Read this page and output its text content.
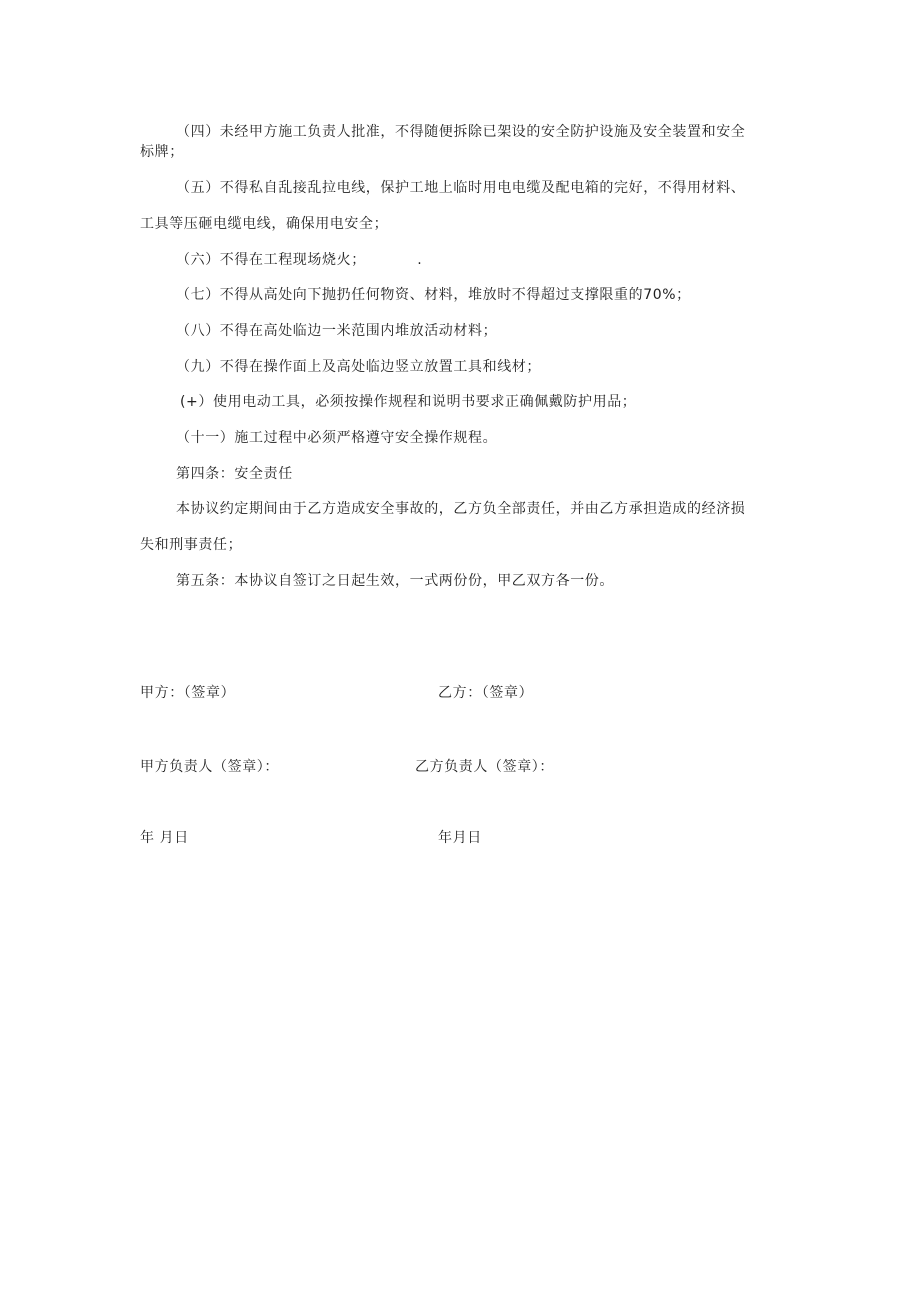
（四）未经甲方施工负责人批准，不得随便拆除已架设的安全防护设施及安全装置和安全
标牌；
（五）不得私自乱接乱拉电线，保护工地上临时用电电缆及配电箱的完好，不得用材料、
工具等压砸电缆电线，确保用电安全；
（六）不得在工程现场烧火；　　　　.
（七）不得从高处向下抛扔任何物资、材料，堆放时不得超过支撑限重的70%；
（八）不得在高处临边一米范围内堆放活动材料；
（九）不得在操作面上及高处临边竖立放置工具和线材；
(+）使用电动工具，必须按操作规程和说明书要求正确佩戴防护用品；
（十一）施工过程中必须严格遵守安全操作规程。
第四条：安全责任
本协议约定期间由于乙方造成安全事故的，乙方负全部责任，并由乙方承担造成的经济损
失和刑事责任；
第五条：本协议自签订之日起生效，一式两份份，甲乙双方各一份。
甲方：（签章）	乙方：（签章）
甲方负责人（签章）：	乙方负责人（签章）：
年 月日	年月日
